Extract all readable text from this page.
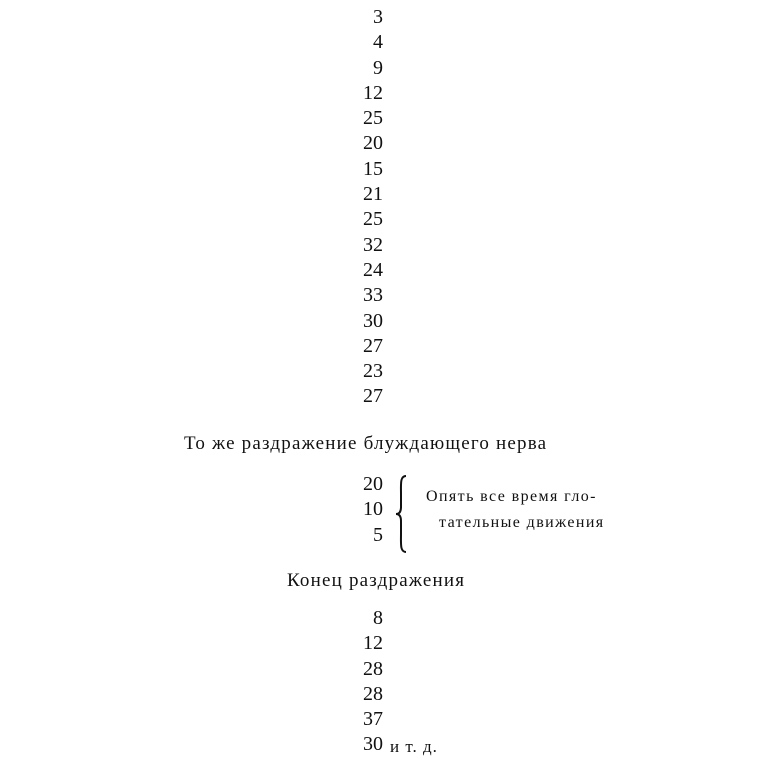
3
4
9
12
25
20
15
21
25
32
24
33
30
27
23
27
То же раздражение блуждающего нерва
20
10
5
Опять все время гло-
тательные движения
Конец раздражения
8
12
28
28
37
30 и т. д.
